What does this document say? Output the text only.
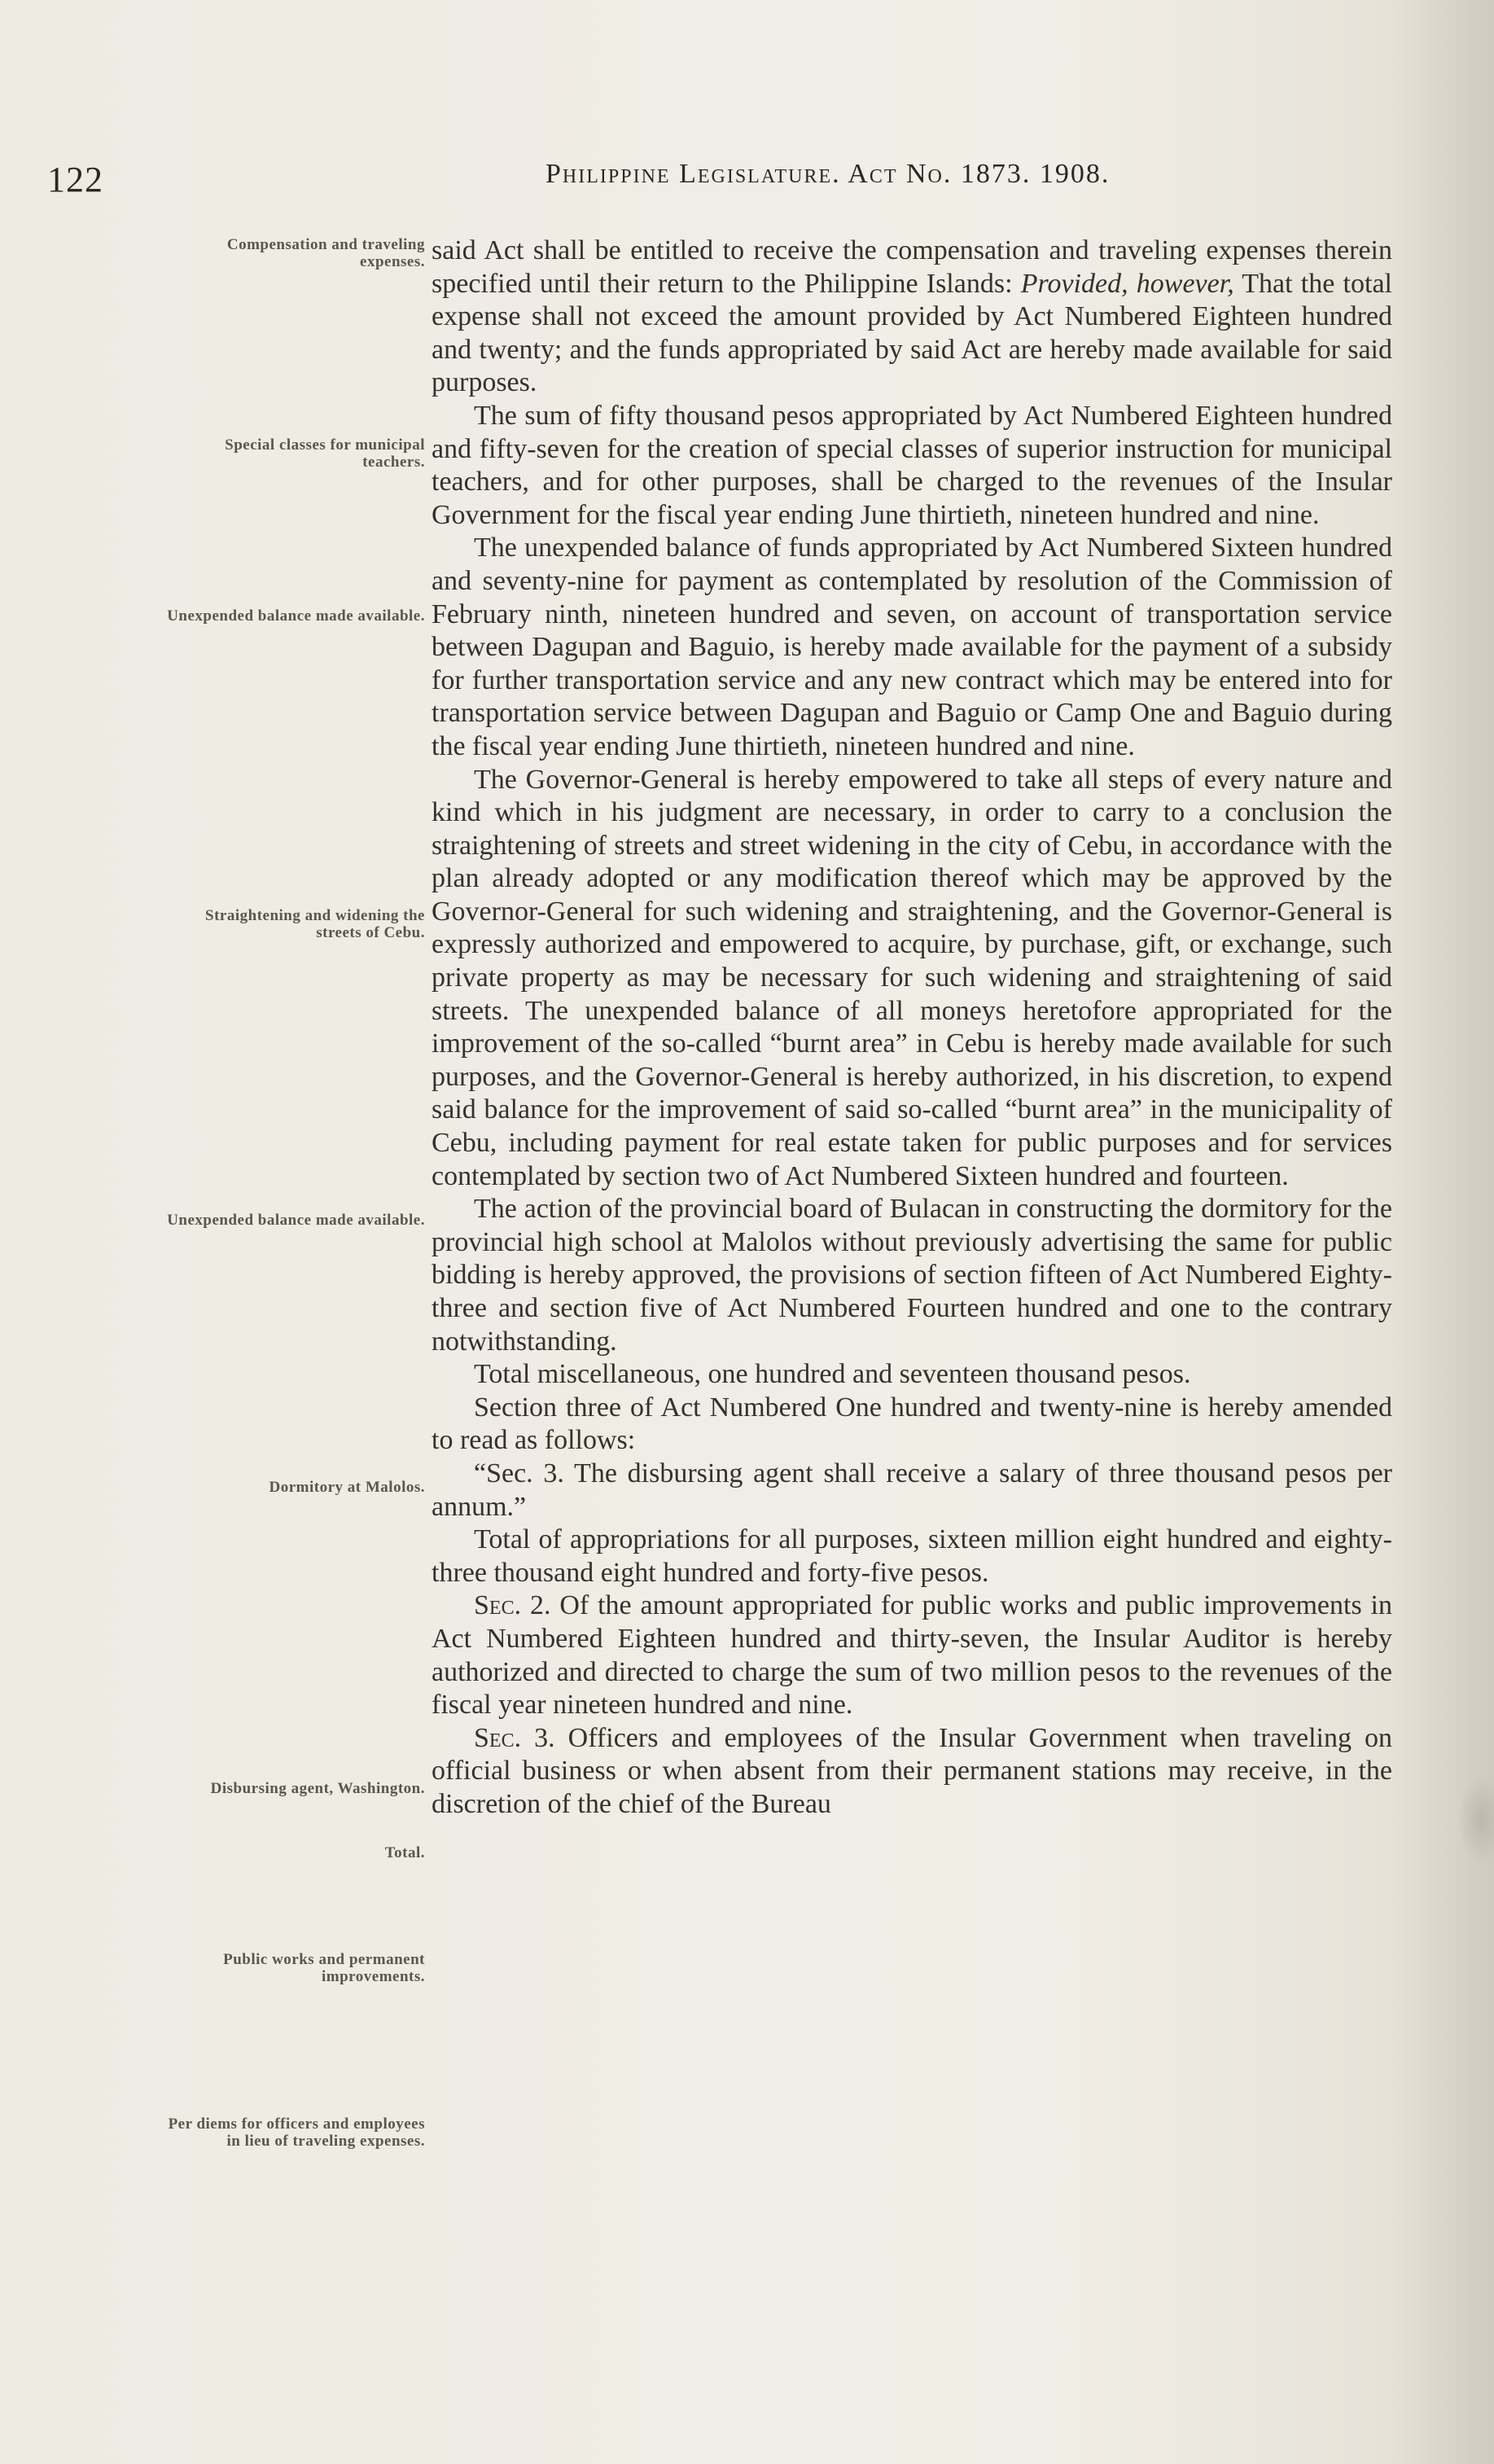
122	Philippine Legislature. Act No. 1873. 1908.
Compensation and traveling expenses.
Special classes for municipal teachers.
Unexpended balance made available.
Straightening and widening the streets of Cebu.
Unexpended balance made available.
Dormitory at Malolos.
Disbursing agent, Washington.
Total.
Public works and permanent improvements.
Per diems for officers and employees in lieu of traveling expenses.

said Act shall be entitled to receive the compensation and traveling expenses therein specified until their return to the Philippine Islands: Provided, however, That the total expense shall not exceed the amount provided by Act Numbered Eighteen hundred and twenty; and the funds appropriated by said Act are hereby made available for said purposes.

The sum of fifty thousand pesos appropriated by Act Numbered Eighteen hundred and fifty-seven for the creation of special classes of superior instruction for municipal teachers, and for other purposes, shall be charged to the revenues of the Insular Government for the fiscal year ending June thirtieth, nineteen hundred and nine.

The unexpended balance of funds appropriated by Act Numbered Sixteen hundred and seventy-nine for payment as contemplated by resolution of the Commission of February ninth, nineteen hundred and seven, on account of transportation service between Dagupan and Baguio, is hereby made available for the payment of a subsidy for further transportation service and any new contract which may be entered into for transportation service between Dagupan and Baguio or Camp One and Baguio during the fiscal year ending June thirtieth, nineteen hundred and nine.

The Governor-General is hereby empowered to take all steps of every nature and kind which in his judgment are necessary, in order to carry to a conclusion the straightening of streets and street widening in the city of Cebu, in accordance with the plan already adopted or any modification thereof which may be approved by the Governor-General for such widening and straightening, and the Governor-General is expressly authorized and empowered to acquire, by purchase, gift, or exchange, such private property as may be necessary for such widening and straightening of said streets. The unexpended balance of all moneys heretofore appropriated for the improvement of the so-called “burnt area” in Cebu is hereby made available for such purposes, and the Governor-General is hereby authorized, in his discretion, to expend said balance for the improvement of said so-called “burnt area” in the municipality of Cebu, including payment for real estate taken for public purposes and for services contemplated by section two of Act Numbered Sixteen hundred and fourteen.

The action of the provincial board of Bulacan in constructing the dormitory for the provincial high school at Malolos without previously advertising the same for public bidding is hereby approved, the provisions of section fifteen of Act Numbered Eighty-three and section five of Act Numbered Fourteen hundred and one to the contrary notwithstanding.

Total miscellaneous, one hundred and seventeen thousand pesos.

Section three of Act Numbered One hundred and twenty-nine is hereby amended to read as follows:

“Sec. 3. The disbursing agent shall receive a salary of three thousand pesos per annum.”

Total of appropriations for all purposes, sixteen million eight hundred and eighty-three thousand eight hundred and forty-five pesos.

Sec. 2. Of the amount appropriated for public works and public improvements in Act Numbered Eighteen hundred and thirty-seven, the Insular Auditor is hereby authorized and directed to charge the sum of two million pesos to the revenues of the fiscal year nineteen hundred and nine.

Sec. 3. Officers and employees of the Insular Government when traveling on official business or when absent from their permanent stations may receive, in the discretion of the chief of the Bureau
